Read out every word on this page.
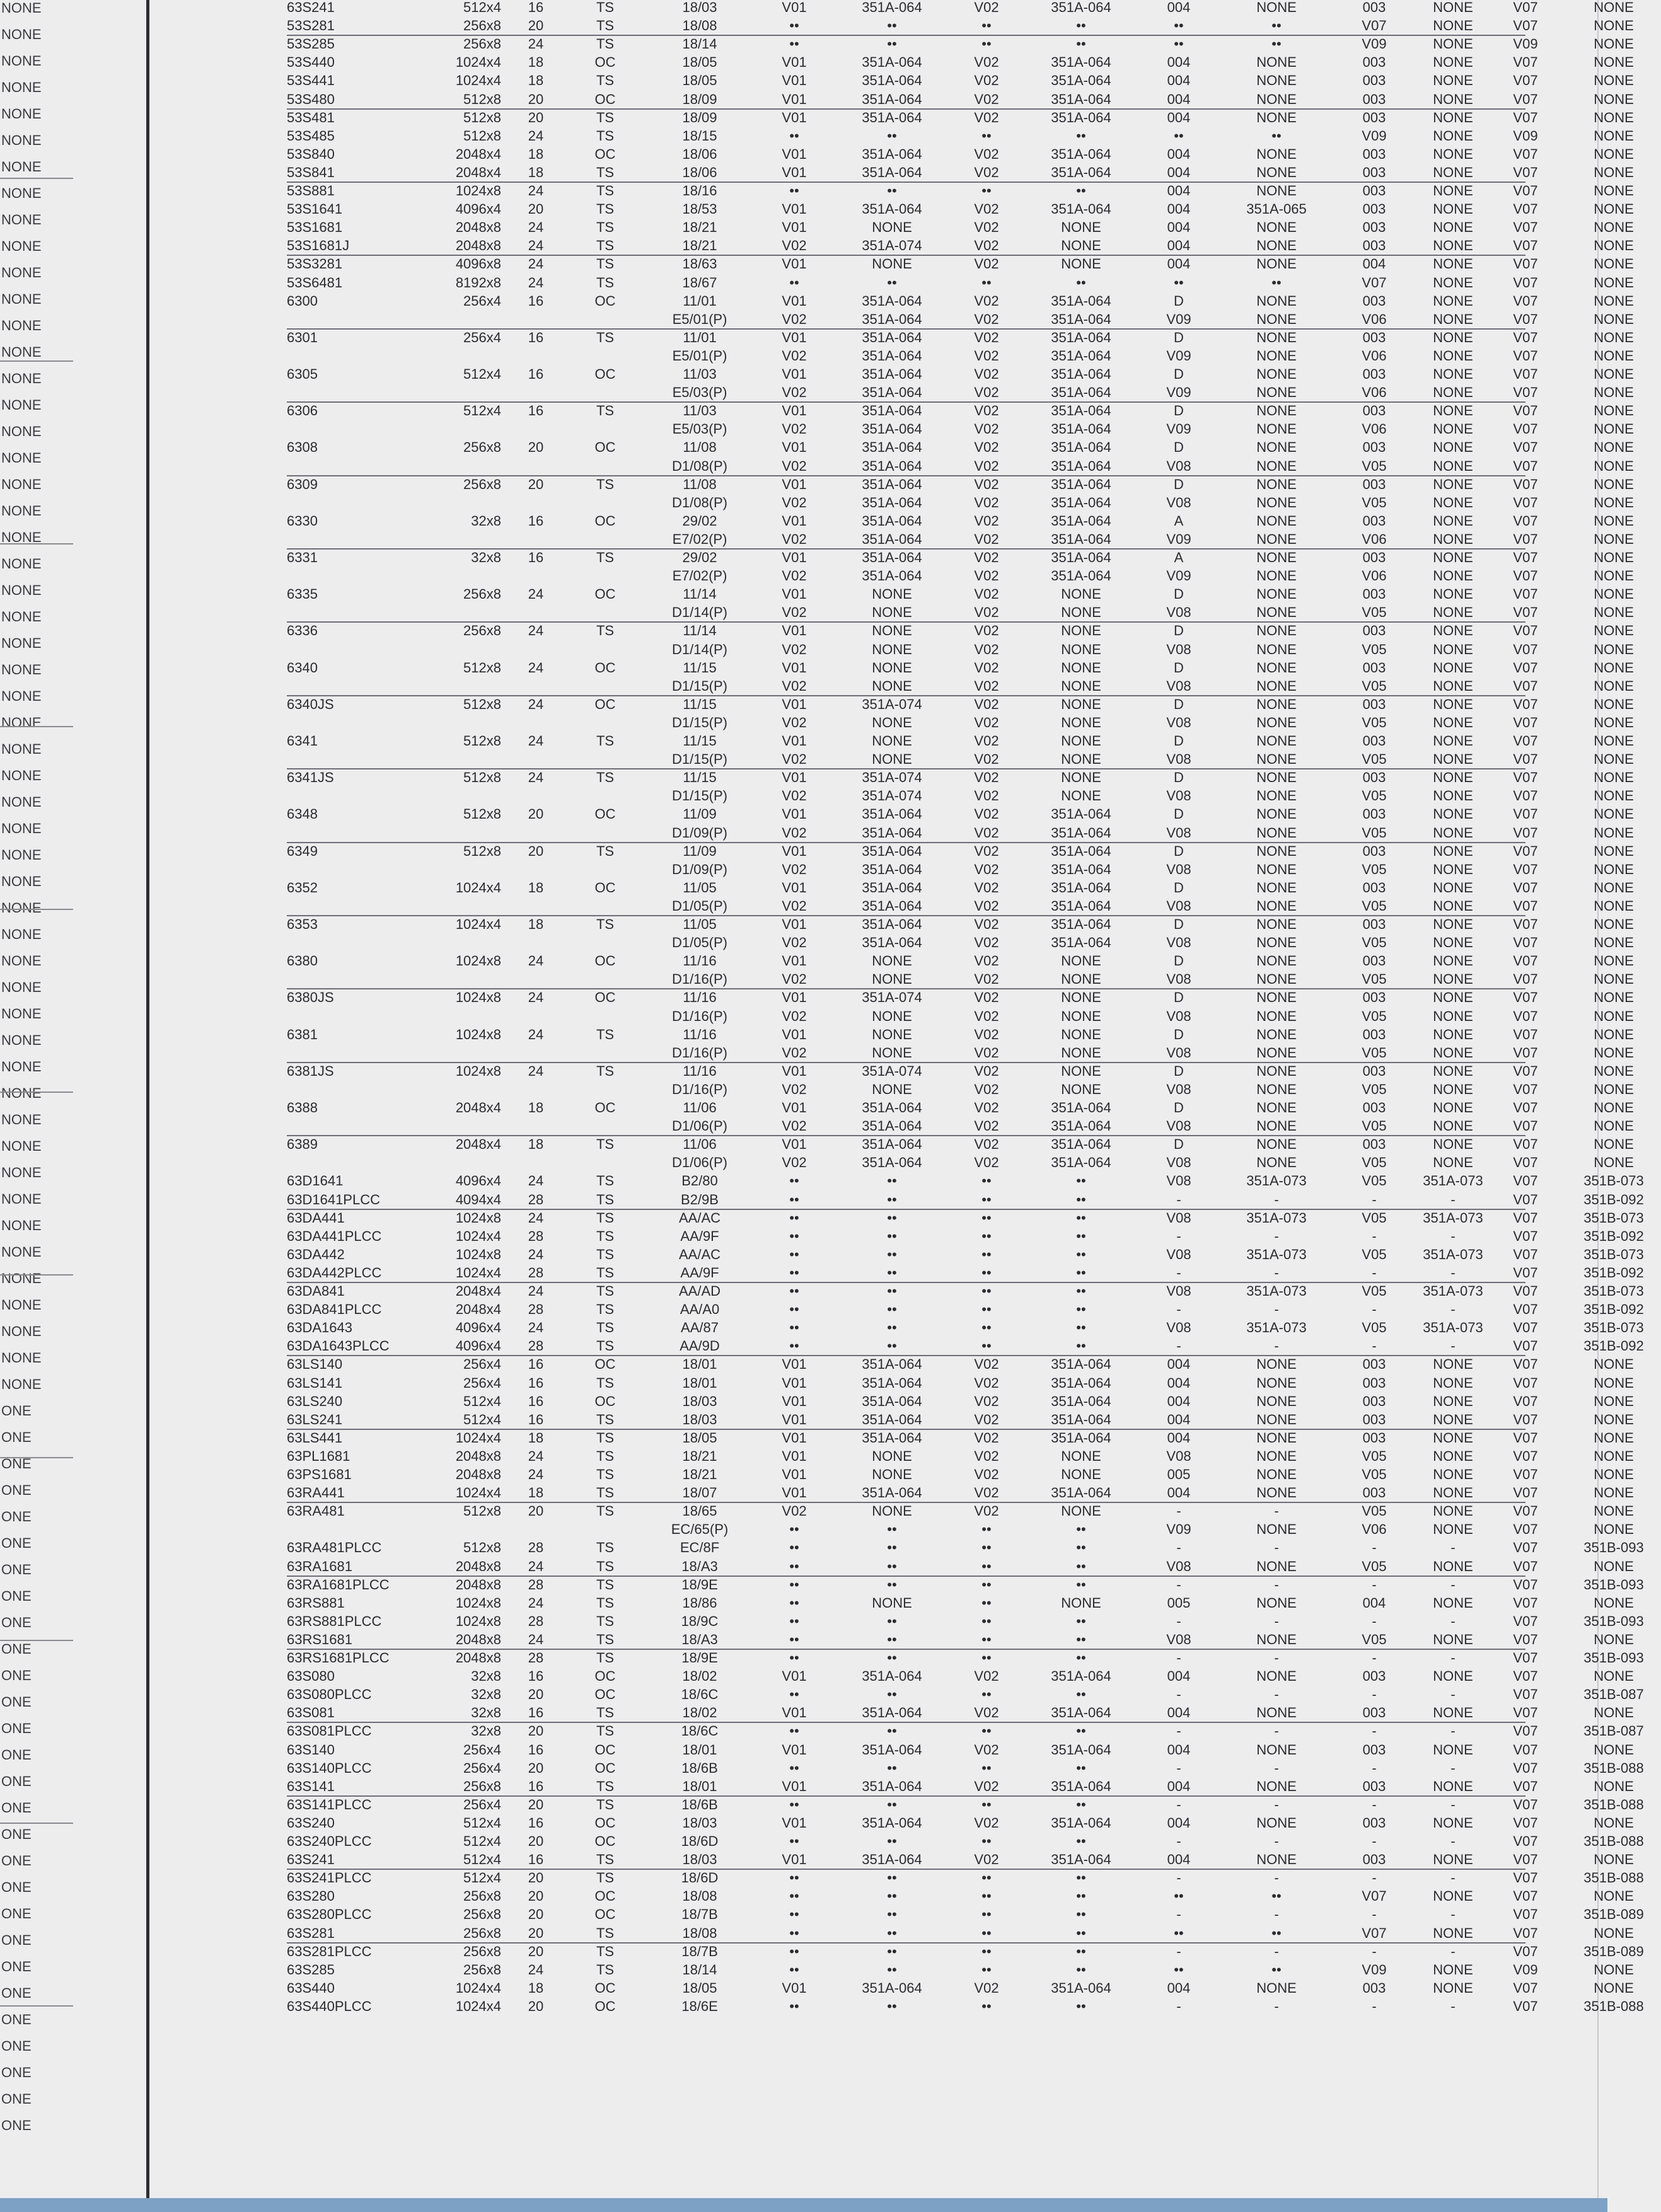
NONE
NONE
NONE
NONE
NONE
NONE
NONE
NONE
NONE
NONE
NONE
NONE
NONE
NONE
NONE
NONE
NONE
NONE
NONE
NONE
NONE
NONE
NONE
NONE
NONE
NONE
NONE
NONE
NONE
NONE
NONE
NONE
NONE
NONE
NONE
NONE
NONE
NONE
NONE
NONE
NONE
NONE
NONE
NONE
NONE
NONE
NONE
NONE
NONE
NONE
NONE
NONE
NONE
ONE
ONE
ONE
ONE
ONE
ONE
ONE
ONE
ONE
ONE
ONE
ONE
ONE
ONE
ONE
ONE
ONE
ONE
ONE
ONE
ONE
ONE
ONE
ONE
ONE
ONE
ONE
ONE
63S241	512x4	16	TS	18/03	V01	351A-064	V02	351A-064	004	NONE	003	NONE	V07	NONE
53S281	256x8	20	TS	18/08	••	••	••	••	••	••	V07	NONE	V07	NONE
53S285	256x8	24	TS	18/14	••	••	••	••	••	••	V09	NONE	V09	NONE
53S440	1024x4	18	OC	18/05	V01	351A-064	V02	351A-064	004	NONE	003	NONE	V07	NONE
53S441	1024x4	18	TS	18/05	V01	351A-064	V02	351A-064	004	NONE	003	NONE	V07	NONE
53S480	512x8	20	OC	18/09	V01	351A-064	V02	351A-064	004	NONE	003	NONE	V07	NONE
53S481	512x8	20	TS	18/09	V01	351A-064	V02	351A-064	004	NONE	003	NONE	V07	NONE
53S485	512x8	24	TS	18/15	••	••	••	••	••	••	V09	NONE	V09	NONE
53S840	2048x4	18	OC	18/06	V01	351A-064	V02	351A-064	004	NONE	003	NONE	V07	NONE
53S841	2048x4	18	TS	18/06	V01	351A-064	V02	351A-064	004	NONE	003	NONE	V07	NONE
53S881	1024x8	24	TS	18/16	••	••	••	••	004	NONE	003	NONE	V07	NONE
53S1641	4096x4	20	TS	18/53	V01	351A-064	V02	351A-064	004	351A-065	003	NONE	V07	NONE
53S1681	2048x8	24	TS	18/21	V01	NONE	V02	NONE	004	NONE	003	NONE	V07	NONE
53S1681J	2048x8	24	TS	18/21	V02	351A-074	V02	NONE	004	NONE	003	NONE	V07	NONE
53S3281	4096x8	24	TS	18/63	V01	NONE	V02	NONE	004	NONE	004	NONE	V07	NONE
53S6481	8192x8	24	TS	18/67	••	••	••	••	••	••	V07	NONE	V07	NONE
6300	256x4	16	OC	11/01	V01	351A-064	V02	351A-064	D	NONE	003	NONE	V07	NONE
E5/01(P)	V02	351A-064	V02	351A-064	V09	NONE	V06	NONE	V07	NONE
6301	256x4	16	TS	11/01	V01	351A-064	V02	351A-064	D	NONE	003	NONE	V07	NONE
E5/01(P)	V02	351A-064	V02	351A-064	V09	NONE	V06	NONE	V07	NONE
6305	512x4	16	OC	11/03	V01	351A-064	V02	351A-064	D	NONE	003	NONE	V07	NONE
E5/03(P)	V02	351A-064	V02	351A-064	V09	NONE	V06	NONE	V07	NONE
6306	512x4	16	TS	11/03	V01	351A-064	V02	351A-064	D	NONE	003	NONE	V07	NONE
E5/03(P)	V02	351A-064	V02	351A-064	V09	NONE	V06	NONE	V07	NONE
6308	256x8	20	OC	11/08	V01	351A-064	V02	351A-064	D	NONE	003	NONE	V07	NONE
D1/08(P)	V02	351A-064	V02	351A-064	V08	NONE	V05	NONE	V07	NONE
6309	256x8	20	TS	11/08	V01	351A-064	V02	351A-064	D	NONE	003	NONE	V07	NONE
D1/08(P)	V02	351A-064	V02	351A-064	V08	NONE	V05	NONE	V07	NONE
6330	32x8	16	OC	29/02	V01	351A-064	V02	351A-064	A	NONE	003	NONE	V07	NONE
E7/02(P)	V02	351A-064	V02	351A-064	V09	NONE	V06	NONE	V07	NONE
6331	32x8	16	TS	29/02	V01	351A-064	V02	351A-064	A	NONE	003	NONE	V07	NONE
E7/02(P)	V02	351A-064	V02	351A-064	V09	NONE	V06	NONE	V07	NONE
6335	256x8	24	OC	11/14	V01	NONE	V02	NONE	D	NONE	003	NONE	V07	NONE
D1/14(P)	V02	NONE	V02	NONE	V08	NONE	V05	NONE	V07	NONE
6336	256x8	24	TS	11/14	V01	NONE	V02	NONE	D	NONE	003	NONE	V07	NONE
D1/14(P)	V02	NONE	V02	NONE	V08	NONE	V05	NONE	V07	NONE
6340	512x8	24	OC	11/15	V01	NONE	V02	NONE	D	NONE	003	NONE	V07	NONE
D1/15(P)	V02	NONE	V02	NONE	V08	NONE	V05	NONE	V07	NONE
6340JS	512x8	24	OC	11/15	V01	351A-074	V02	NONE	D	NONE	003	NONE	V07	NONE
D1/15(P)	V02	NONE	V02	NONE	V08	NONE	V05	NONE	V07	NONE
6341	512x8	24	TS	11/15	V01	NONE	V02	NONE	D	NONE	003	NONE	V07	NONE
D1/15(P)	V02	NONE	V02	NONE	V08	NONE	V05	NONE	V07	NONE
6341JS	512x8	24	TS	11/15	V01	351A-074	V02	NONE	D	NONE	003	NONE	V07	NONE
D1/15(P)	V02	351A-074	V02	NONE	V08	NONE	V05	NONE	V07	NONE
6348	512x8	20	OC	11/09	V01	351A-064	V02	351A-064	D	NONE	003	NONE	V07	NONE
D1/09(P)	V02	351A-064	V02	351A-064	V08	NONE	V05	NONE	V07	NONE
6349	512x8	20	TS	11/09	V01	351A-064	V02	351A-064	D	NONE	003	NONE	V07	NONE
D1/09(P)	V02	351A-064	V02	351A-064	V08	NONE	V05	NONE	V07	NONE
6352	1024x4	18	OC	11/05	V01	351A-064	V02	351A-064	D	NONE	003	NONE	V07	NONE
D1/05(P)	V02	351A-064	V02	351A-064	V08	NONE	V05	NONE	V07	NONE
6353	1024x4	18	TS	11/05	V01	351A-064	V02	351A-064	D	NONE	003	NONE	V07	NONE
D1/05(P)	V02	351A-064	V02	351A-064	V08	NONE	V05	NONE	V07	NONE
6380	1024x8	24	OC	11/16	V01	NONE	V02	NONE	D	NONE	003	NONE	V07	NONE
D1/16(P)	V02	NONE	V02	NONE	V08	NONE	V05	NONE	V07	NONE
6380JS	1024x8	24	OC	11/16	V01	351A-074	V02	NONE	D	NONE	003	NONE	V07	NONE
D1/16(P)	V02	NONE	V02	NONE	V08	NONE	V05	NONE	V07	NONE
6381	1024x8	24	TS	11/16	V01	NONE	V02	NONE	D	NONE	003	NONE	V07	NONE
D1/16(P)	V02	NONE	V02	NONE	V08	NONE	V05	NONE	V07	NONE
6381JS	1024x8	24	TS	11/16	V01	351A-074	V02	NONE	D	NONE	003	NONE	V07	NONE
D1/16(P)	V02	NONE	V02	NONE	V08	NONE	V05	NONE	V07	NONE
6388	2048x4	18	OC	11/06	V01	351A-064	V02	351A-064	D	NONE	003	NONE	V07	NONE
D1/06(P)	V02	351A-064	V02	351A-064	V08	NONE	V05	NONE	V07	NONE
6389	2048x4	18	TS	11/06	V01	351A-064	V02	351A-064	D	NONE	003	NONE	V07	NONE
D1/06(P)	V02	351A-064	V02	351A-064	V08	NONE	V05	NONE	V07	NONE
63D1641	4096x4	24	TS	B2/80	••	••	••	••	V08	351A-073	V05	351A-073	V07	351B-073
63D1641PLCC	4094x4	28	TS	B2/9B	••	••	••	••	-	-	-	-	V07	351B-092
63DA441	1024x8	24	TS	AA/AC	••	••	••	••	V08	351A-073	V05	351A-073	V07	351B-073
63DA441PLCC	1024x4	28	TS	AA/9F	••	••	••	••	-	-	-	-	V07	351B-092
63DA442	1024x8	24	TS	AA/AC	••	••	••	••	V08	351A-073	V05	351A-073	V07	351B-073
63DA442PLCC	1024x4	28	TS	AA/9F	••	••	••	••	-	-	-	-	V07	351B-092
63DA841	2048x4	24	TS	AA/AD	••	••	••	••	V08	351A-073	V05	351A-073	V07	351B-073
63DA841PLCC	2048x4	28	TS	AA/A0	••	••	••	••	-	-	-	-	V07	351B-092
63DA1643	4096x4	24	TS	AA/87	••	••	••	••	V08	351A-073	V05	351A-073	V07	351B-073
63DA1643PLCC	4096x4	28	TS	AA/9D	••	••	••	••	-	-	-	-	V07	351B-092
63LS140	256x4	16	OC	18/01	V01	351A-064	V02	351A-064	004	NONE	003	NONE	V07	NONE
63LS141	256x4	16	TS	18/01	V01	351A-064	V02	351A-064	004	NONE	003	NONE	V07	NONE
63LS240	512x4	16	OC	18/03	V01	351A-064	V02	351A-064	004	NONE	003	NONE	V07	NONE
63LS241	512x4	16	TS	18/03	V01	351A-064	V02	351A-064	004	NONE	003	NONE	V07	NONE
63LS441	1024x4	18	TS	18/05	V01	351A-064	V02	351A-064	004	NONE	003	NONE	V07	NONE
63PL1681	2048x8	24	TS	18/21	V01	NONE	V02	NONE	V08	NONE	V05	NONE	V07	NONE
63PS1681	2048x8	24	TS	18/21	V01	NONE	V02	NONE	005	NONE	V05	NONE	V07	NONE
63RA441	1024x4	18	TS	18/07	V01	351A-064	V02	351A-064	004	NONE	003	NONE	V07	NONE
63RA481	512x8	20	TS	18/65	V02	NONE	V02	NONE	-	-	V05	NONE	V07	NONE
EC/65(P)	••	••	••	••	V09	NONE	V06	NONE	V07	NONE
63RA481PLCC	512x8	28	TS	EC/8F	••	••	••	••	-	-	-	-	V07	351B-093
63RA1681	2048x8	24	TS	18/A3	••	••	••	••	V08	NONE	V05	NONE	V07	NONE
63RA1681PLCC	2048x8	28	TS	18/9E	••	••	••	••	-	-	-	-	V07	351B-093
63RS881	1024x8	24	TS	18/86	••	NONE	••	NONE	005	NONE	004	NONE	V07	NONE
63RS881PLCC	1024x8	28	TS	18/9C	••	••	••	••	-	-	-	-	V07	351B-093
63RS1681	2048x8	24	TS	18/A3	••	••	••	••	V08	NONE	V05	NONE	V07	NONE
63RS1681PLCC	2048x8	28	TS	18/9E	••	••	••	••	-	-	-	-	V07	351B-093
63S080	32x8	16	OC	18/02	V01	351A-064	V02	351A-064	004	NONE	003	NONE	V07	NONE
63S080PLCC	32x8	20	OC	18/6C	••	••	••	••	-	-	-	-	V07	351B-087
63S081	32x8	16	TS	18/02	V01	351A-064	V02	351A-064	004	NONE	003	NONE	V07	NONE
63S081PLCC	32x8	20	TS	18/6C	••	••	••	••	-	-	-	-	V07	351B-087
63S140	256x4	16	OC	18/01	V01	351A-064	V02	351A-064	004	NONE	003	NONE	V07	NONE
63S140PLCC	256x4	20	OC	18/6B	••	••	••	••	-	-	-	-	V07	351B-088
63S141	256x8	16	TS	18/01	V01	351A-064	V02	351A-064	004	NONE	003	NONE	V07	NONE
63S141PLCC	256x4	20	TS	18/6B	••	••	••	••	-	-	-	-	V07	351B-088
63S240	512x4	16	OC	18/03	V01	351A-064	V02	351A-064	004	NONE	003	NONE	V07	NONE
63S240PLCC	512x4	20	OC	18/6D	••	••	••	••	-	-	-	-	V07	351B-088
63S241	512x4	16	TS	18/03	V01	351A-064	V02	351A-064	004	NONE	003	NONE	V07	NONE
63S241PLCC	512x4	20	TS	18/6D	••	••	••	••	-	-	-	-	V07	351B-088
63S280	256x8	20	OC	18/08	••	••	••	••	••	••	V07	NONE	V07	NONE
63S280PLCC	256x8	20	OC	18/7B	••	••	••	••	-	-	-	-	V07	351B-089
63S281	256x8	20	TS	18/08	••	••	••	••	••	••	V07	NONE	V07	NONE
63S281PLCC	256x8	20	TS	18/7B	••	••	••	••	-	-	-	-	V07	351B-089
63S285	256x8	24	TS	18/14	••	••	••	••	••	••	V09	NONE	V09	NONE
63S440	1024x4	18	OC	18/05	V01	351A-064	V02	351A-064	004	NONE	003	NONE	V07	NONE
63S440PLCC	1024x4	20	OC	18/6E	••	••	••	••	-	-	-	-	V07	351B-088
